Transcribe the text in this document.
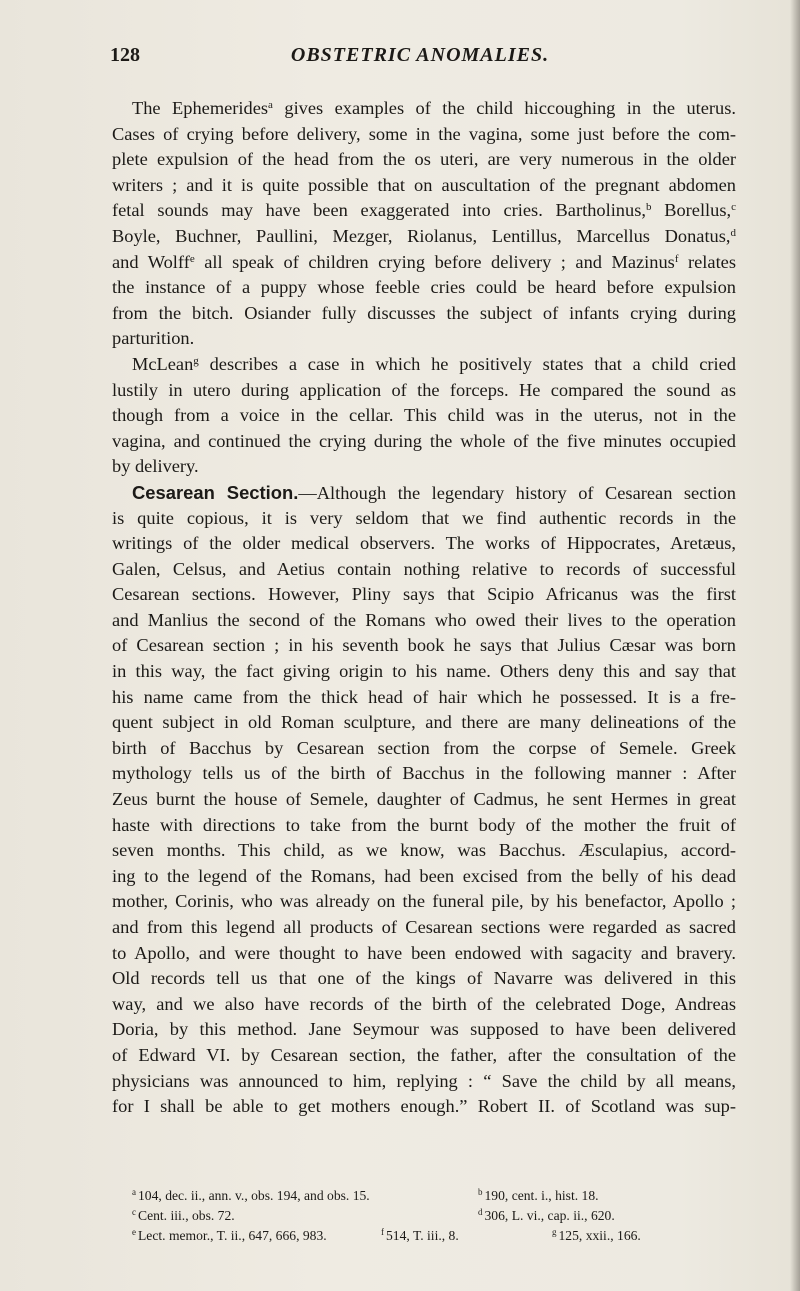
128	OBSTETRIC ANOMALIES.
The Ephemerides$^a$ gives examples of the child hiccoughing in the uterus.
Cases of crying before delivery, some in the vagina, some just before the com-
plete expulsion of the head from the os uteri, are very numerous in the older
writers ; and it is quite possible that on auscultation of the pregnant abdomen
fetal sounds may have been exaggerated into cries. Bartholinus,$^b$ Borellus,$^c$
Boyle, Buchner, Paullini, Mezger, Riolanus, Lentillus, Marcellus Donatus,$^d$
and Wolff$^e$ all speak of children crying before delivery ; and Mazinus$^f$ relates
the instance of a puppy whose feeble cries could be heard before expulsion
from the bitch. Osiander fully discusses the subject of infants crying during
parturition.
McLean$^g$ describes a case in which he positively states that a child cried
lustily in utero during application of the forceps. He compared the sound as
though from a voice in the cellar. This child was in the uterus, not in the
vagina, and continued the crying during the whole of the five minutes occupied
by delivery.
Cesarean Section.—Although the legendary history of Cesarean section
is quite copious, it is very seldom that we find authentic records in the
writings of the older medical observers. The works of Hippocrates, Aretæus,
Galen, Celsus, and Aetius contain nothing relative to records of successful
Cesarean sections. However, Pliny says that Scipio Africanus was the first
and Manlius the second of the Romans who owed their lives to the operation
of Cesarean section ; in his seventh book he says that Julius Cæsar was born
in this way, the fact giving origin to his name. Others deny this and say that
his name came from the thick head of hair which he possessed. It is a fre-
quent subject in old Roman sculpture, and there are many delineations of the
birth of Bacchus by Cesarean section from the corpse of Semele. Greek
mythology tells us of the birth of Bacchus in the following manner : After
Zeus burnt the house of Semele, daughter of Cadmus, he sent Hermes in great
haste with directions to take from the burnt body of the mother the fruit of
seven months. This child, as we know, was Bacchus. Æsculapius, accord-
ing to the legend of the Romans, had been excised from the belly of his dead
mother, Corinis, who was already on the funeral pile, by his benefactor, Apollo ;
and from this legend all products of Cesarean sections were regarded as sacred
to Apollo, and were thought to have been endowed with sagacity and bravery.
Old records tell us that one of the kings of Navarre was delivered in this
way, and we also have records of the birth of the celebrated Doge, Andreas
Doria, by this method. Jane Seymour was supposed to have been delivered
of Edward VI. by Cesarean section, the father, after the consultation of the
physicians was announced to him, replying : “ Save the child by all means,
for I shall be able to get mothers enough.” Robert II. of Scotland was sup-
$^a$ 104, dec. ii., ann. v., obs. 194, and obs. 15.	$^b$ 190, cent. i., hist. 18.
$^c$ Cent. iii., obs. 72.	$^d$ 306, L. vi., cap. ii., 620.
$^e$ Lect. memor., T. ii., 647, 666, 983.	$^f$ 514, T. iii., 8.	$^g$ 125, xxii., 166.
